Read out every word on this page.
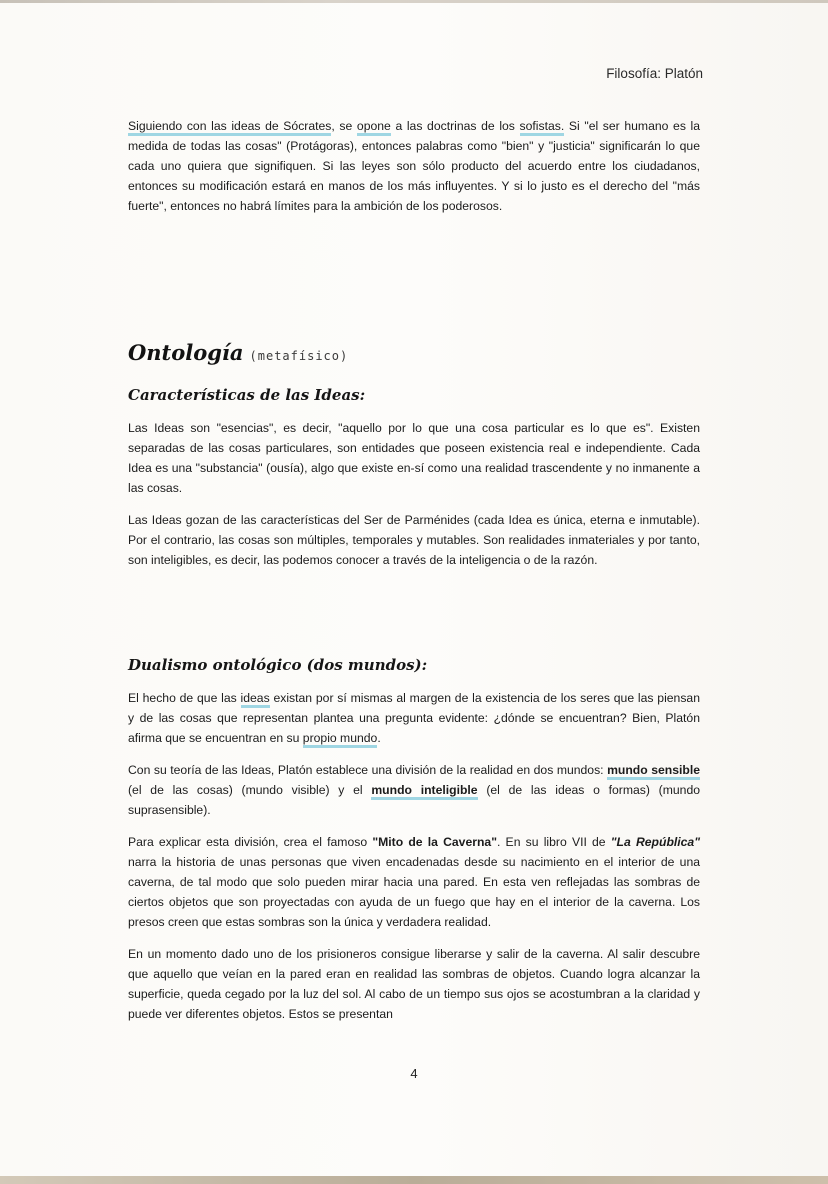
Filosofía: Platón

Siguiendo con las ideas de Sócrates, se opone a las doctrinas de los sofistas. Si "el ser humano es la medida de todas las cosas" (Protágoras), entonces palabras como "bien" y "justicia" significarán lo que cada uno quiera que signifiquen. Si las leyes son sólo producto del acuerdo entre los ciudadanos, entonces su modificación estará en manos de los más influyentes. Y si lo justo es el derecho del "más fuerte", entonces no habrá límites para la ambición de los poderosos.

Ontología (metafísico)
Características de las Ideas:

Las Ideas son "esencias", es decir, "aquello por lo que una cosa particular es lo que es". Existen separadas de las cosas particulares, son entidades que poseen existencia real e independiente. Cada Idea es una "substancia" (ousía), algo que existe en-sí como una realidad trascendente y no inmanente a las cosas.

Las Ideas gozan de las características del Ser de Parménides (cada Idea es única, eterna e inmutable). Por el contrario, las cosas son múltiples, temporales y mutables. Son realidades inmateriales y por tanto, son inteligibles, es decir, las podemos conocer a través de la inteligencia o de la razón.

Dualismo ontológico (dos mundos):

El hecho de que las ideas existan por sí mismas al margen de la existencia de los seres que las piensan y de las cosas que representan plantea una pregunta evidente: ¿dónde se encuentran? Bien, Platón afirma que se encuentran en su propio mundo.

Con su teoría de las Ideas, Platón establece una división de la realidad en dos mundos: mundo sensible (el de las cosas) (mundo visible) y el mundo inteligible (el de las ideas o formas) (mundo suprasensible).

Para explicar esta división, crea el famoso "Mito de la Caverna". En su libro VII de "La República" narra la historia de unas personas que viven encadenadas desde su nacimiento en el interior de una caverna, de tal modo que solo pueden mirar hacia una pared. En esta ven reflejadas las sombras de ciertos objetos que son proyectadas con ayuda de un fuego que hay en el interior de la caverna. Los presos creen que estas sombras son la única y verdadera realidad.

En un momento dado uno de los prisioneros consigue liberarse y salir de la caverna. Al salir descubre que aquello que veían en la pared eran en realidad las sombras de objetos. Cuando logra alcanzar la superficie, queda cegado por la luz del sol. Al cabo de un tiempo sus ojos se acostumbran a la claridad y puede ver diferentes objetos. Estos se presentan

4
